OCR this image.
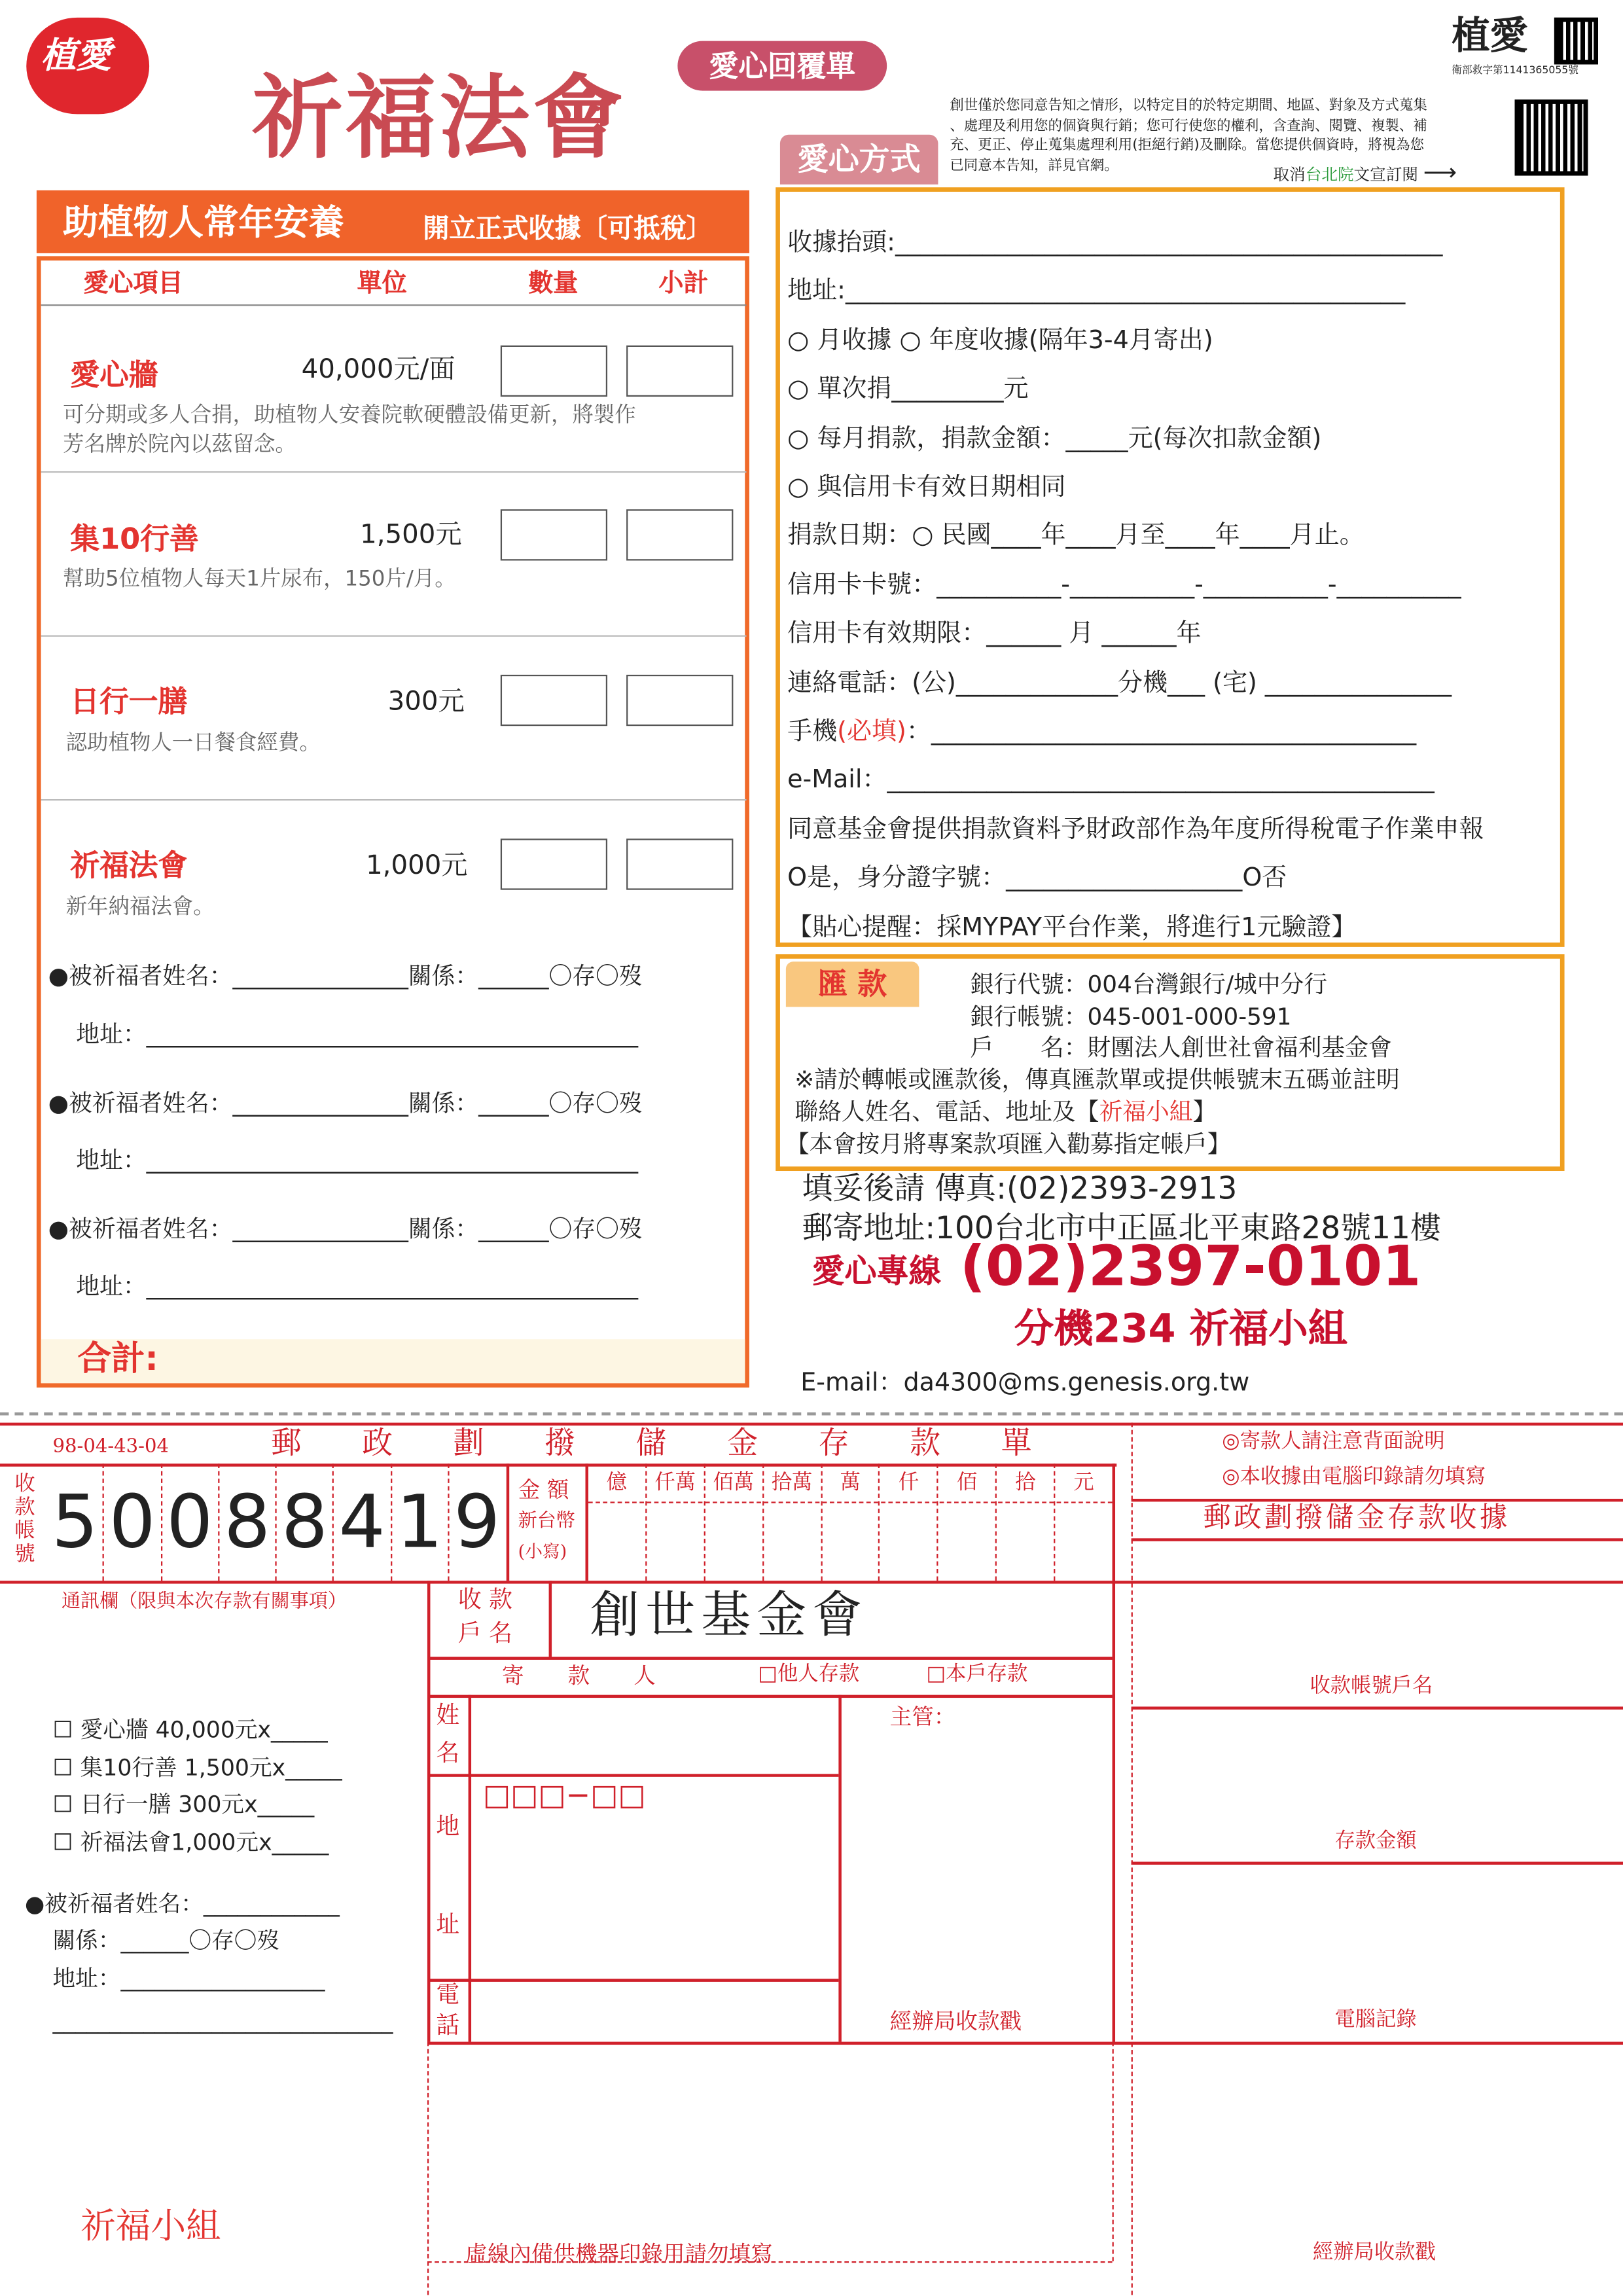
植愛
祈福法會	愛心回覆單
植愛
衛部救字第1141365055號
創世僅於您同意告知之情形，以特定目的於特定期間、地區、對象及方式蒐集
、處理及利用您的個資與行銷；您可行使您的權利，含查詢、閱覽、複製、補
充、更正、停止蒐集處理利用(拒絕行銷)及刪除。當您提供個資時，將視為您
已同意本告知，詳見官網。	取消台北院文宣訂閱 ⟶
愛心方式
助植物人常年安養	開立正式收據〔可抵稅〕
愛心項目	單位	數量	小計
愛心牆	40,000元/面
可分期或多人合捐，助植物人安養院軟硬體設備更新，將製作
芳名牌於院內以茲留念。
集10行善	1,500元
幫助5位植物人每天1片尿布，150片/月。
日行一膳	300元
認助植物人一日餐食經費。
祈福法會	1,000元
新年納福法會。
●被祈福者姓名：_______________關係：______〇存〇歿
地址：__________________________________________
●被祈福者姓名：_______________關係：______〇存〇歿
地址：__________________________________________
●被祈福者姓名：_______________關係：______〇存〇歿
地址：__________________________________________
合計:
收據抬頭:____________________________________________
地址:_____________________________________________
○ 月收據 ○ 年度收據(隔年3-4月寄出)
○ 單次捐_________元
○ 每月捐款，捐款金額：_____元(每次扣款金額)
○ 與信用卡有效日期相同
捐款日期：○ 民國____年____月至____年____月止。
信用卡卡號：__________-__________-__________-__________
信用卡有效期限：______ 月 ______年
連絡電話：(公)_____________分機___ (宅) _______________
手機(必填)：_______________________________________
e-Mail：____________________________________________
同意基金會提供捐款資料予財政部作為年度所得稅電子作業申報
O是，身分證字號：___________________O否
【貼心提醒：採MYPAY平台作業，將進行1元驗證】
匯 款	銀行代號：004台灣銀行/城中分行
銀行帳號：045-001-000-591
戶　　名：財團法人創世社會福利基金會
※請於轉帳或匯款後，傳真匯款單或提供帳號末五碼並註明
聯絡人姓名、電話、地址及【祈福小組】
【本會按月將專案款項匯入勸募指定帳戶】
填妥後請 傳真:(02)2393-2913
郵寄地址:100台北市中正區北平東路28號11樓
愛心專線 (02)2397-0101
分機234 祈福小組
E-mail：da4300@ms.genesis.org.tw
98-04-43-04	郵	政	劃	撥	儲	金	存	款	單
收款帳號 5 0 0 8 8 4 1 9	金 額
新台幣
(小寫)
億	仟萬	佰萬	拾萬	萬	仟	佰	拾	元
通訊欄（限與本次存款有關事項）	收 款
戶 名	創世基金會
寄　　款　　人	□他人存款	□本戶存款
姓
名
□□□−□□
地
址
電
話
主管：
經辦局收款戳
虛線內備供機器印錄用請勿填寫
☐ 愛心牆 40,000元x_____
☐ 集10行善 1,500元x_____
☐ 日行一膳 300元x_____
☐ 祈福法會1,000元x_____
●被祈福者姓名：____________
關係：______〇存〇歿
地址：__________________
______________________________
祈福小組
◎寄款人請注意背面說明
◎本收據由電腦印錄請勿填寫
郵政劃撥儲金存款收據
收款帳號戶名
存款金額
電腦記錄
經辦局收款戳
